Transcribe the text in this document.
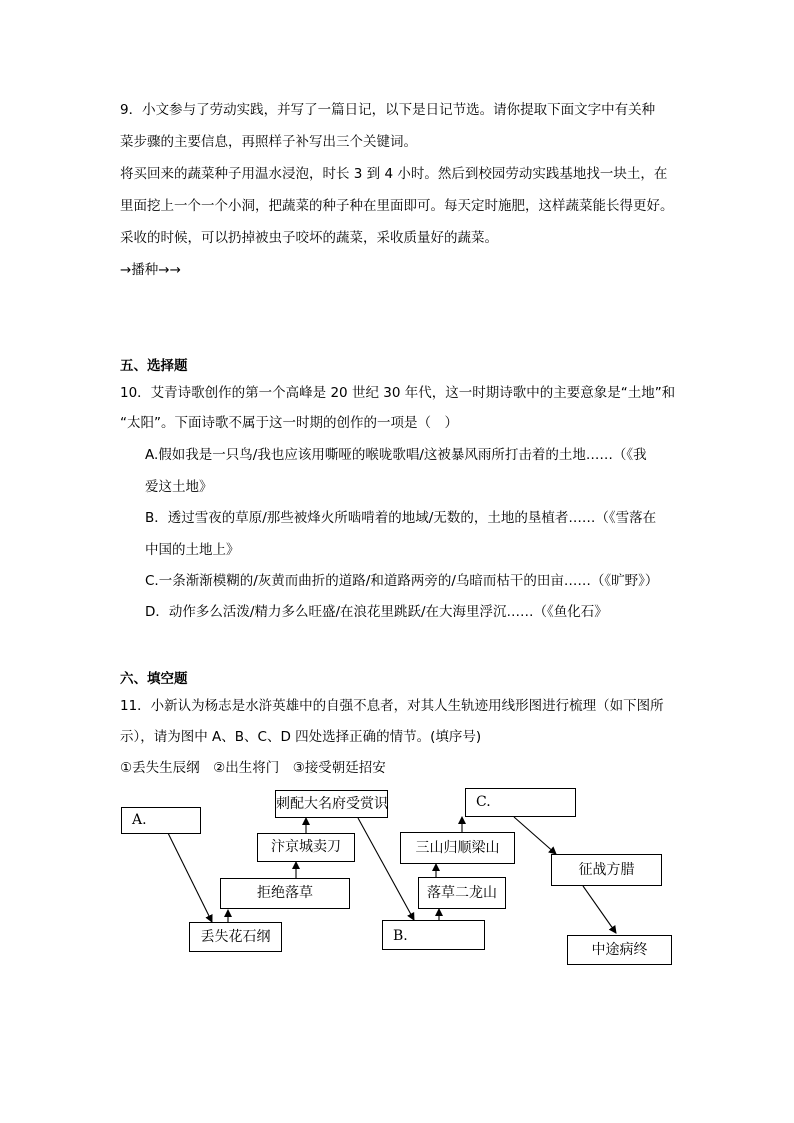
9．小文参与了劳动实践，并写了一篇日记，以下是日记节选。请你提取下面文字中有关种
菜步骤的主要信息，再照样子补写出三个关键词。
将买回来的蔬菜种子用温水浸泡，时长 3 到 4 小时。然后到校园劳动实践基地找一块土，在
里面挖上一个一个小洞，把蔬菜的种子种在里面即可。每天定时施肥，这样蔬菜能长得更好。
采收的时候，可以扔掉被虫子咬坏的蔬菜，采收质量好的蔬菜。
→播种→→
五、选择题
10．艾青诗歌创作的第一个高峰是 20 世纪 30 年代，这一时期诗歌中的主要意象是“土地”和
“太阳”。下面诗歌不属于这一时期的创作的一项是（　）
A.假如我是一只鸟/我也应该用嘶哑的喉咙歌唱/这被暴风雨所打击着的土地……（《我
爱这土地》
B．透过雪夜的草原/那些被烽火所啮啃着的地域/无数的，土地的垦植者……（《雪落在
中国的土地上》
C.一条渐渐模糊的/灰黄而曲折的道路/和道路两旁的/乌暗而枯干的田亩……（《旷野》）
D．动作多么活泼/精力多么旺盛/在浪花里跳跃/在大海里浮沉……（《鱼化石》
六、填空题
11．小新认为杨志是水浒英雄中的自强不息者，对其人生轨迹用线形图进行梳理（如下图所
示），请为图中 A、B、C、D 四处选择正确的情节。(填序号)
①丢失生辰纲　②出生将门　③接受朝廷招安
A.
丢失花石纲
拒绝落草
汴京城卖刀
刺配大名府受赏识
B.
落草二龙山
三山归顺梁山
C.
征战方腊
中途病终
